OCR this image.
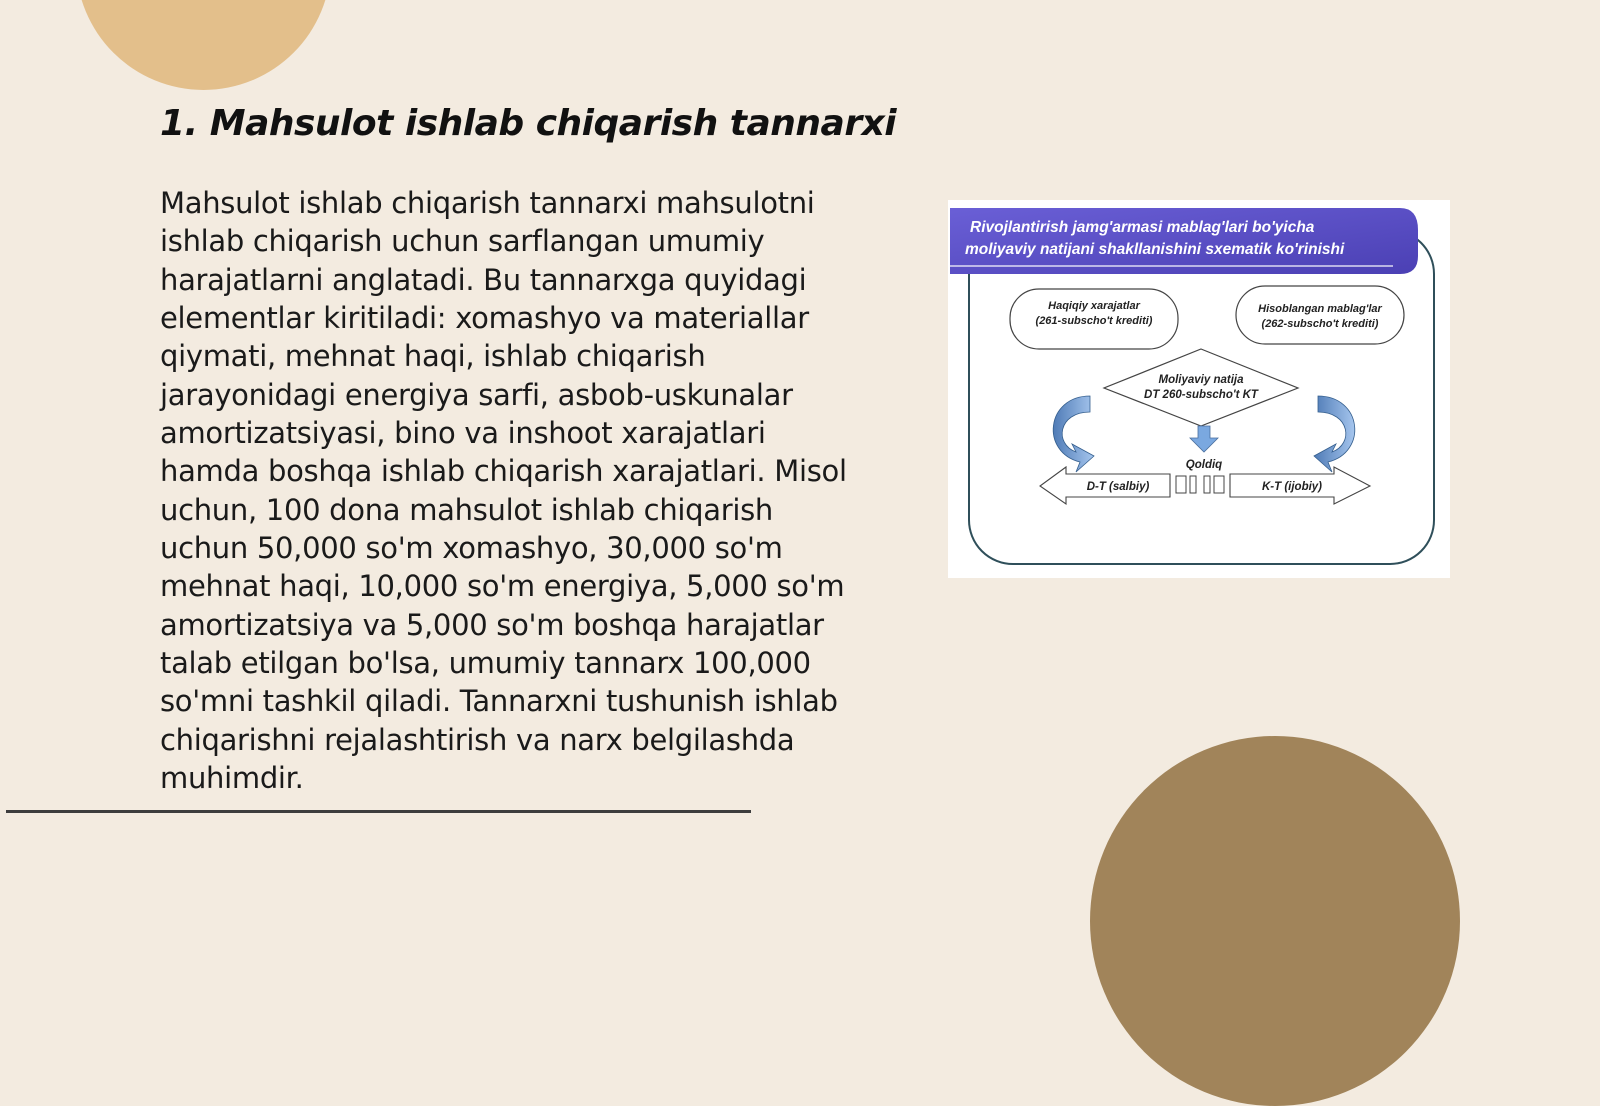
1. Mahsulot ishlab chiqarish tannarxi

Mahsulot ishlab chiqarish tannarxi mahsulotni ishlab chiqarish uchun sarflangan umumiy harajatlarni anglatadi. Bu tannarxga quyidagi elementlar kiritiladi: xomashyo va materiallar qiymati, mehnat haqi, ishlab chiqarish jarayonidagi energiya sarfi, asbob-uskunalar amortizatsiyasi, bino va inshoot xarajatlari hamda boshqa ishlab chiqarish xarajatlari. Misol uchun, 100 dona mahsulot ishlab chiqarish uchun 50,000 so'm xomashyo, 30,000 so'm mehnat haqi, 10,000 so'm energiya, 5,000 so'm amortizatsiya va 5,000 so'm boshqa harajatlar talab etilgan bo'lsa, umumiy tannarx 100,000 so'mni tashkil qiladi. Tannarxni tushunish ishlab chiqarishni rejalashtirish va narx belgilashda muhimdir.

Rivojlantirish jamg'armasi mablag'lari bo'yicha
moliyaviy natijani shakllanishini sxematik ko'rinishi
Haqiqiy xarajatlar
(261-subscho't krediti)
Hisoblangan mablag'lar
(262-subscho't krediti)
Moliyaviy natija
DT 260-subscho't KT
Qoldiq
D-T (salbiy)	K-T (ijobiy)
